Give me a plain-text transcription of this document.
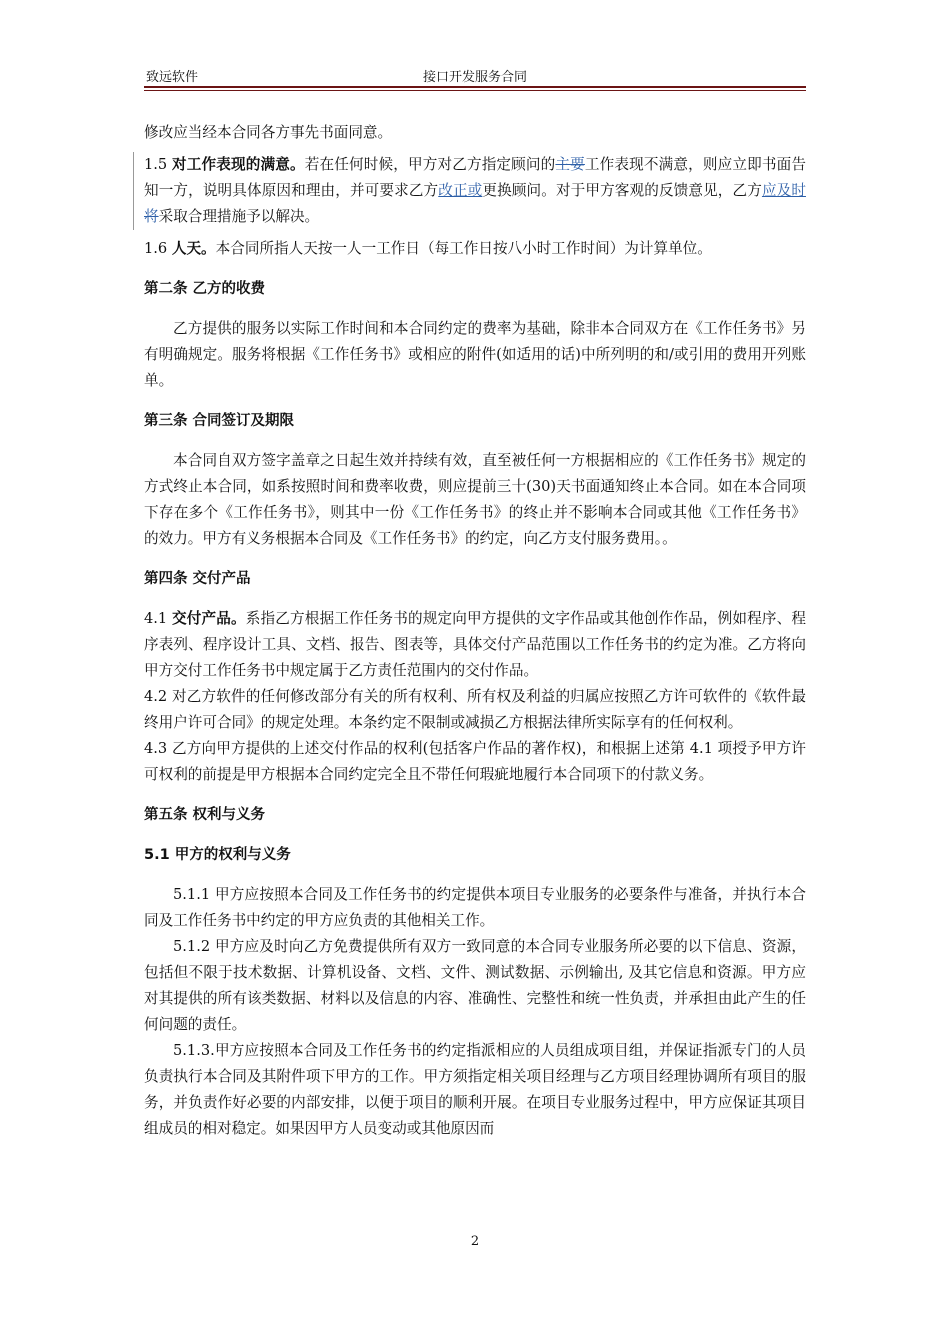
致远软件	接口开发服务合同

修改应当经本合同各方事先书面同意。

1.5 对工作表现的满意。若在任何时候，甲方对乙方指定顾问的主要工作表现不满意，则应立即书面告知一方，说明具体原因和理由，并可要求乙方改正或更换顾问。对于甲方客观的反馈意见，乙方应及时将采取合理措施予以解决。

1.6 人天。本合同所指人天按一人一工作日（每工作日按八小时工作时间）为计算单位。

第二条 乙方的收费

乙方提供的服务以实际工作时间和本合同约定的费率为基础，除非本合同双方在《工作任务书》另有明确规定。服务将根据《工作任务书》或相应的附件(如适用的话)中所列明的和/或引用的费用开列账单。

第三条 合同签订及期限

本合同自双方签字盖章之日起生效并持续有效，直至被任何一方根据相应的《工作任务书》规定的方式终止本合同，如系按照时间和费率收费，则应提前三十(30)天书面通知终止本合同。如在本合同项下存在多个《工作任务书》，则其中一份《工作任务书》的终止并不影响本合同或其他《工作任务书》的效力。甲方有义务根据本合同及《工作任务书》的约定，向乙方支付服务费用。。

第四条 交付产品

4.1 交付产品。系指乙方根据工作任务书的规定向甲方提供的文字作品或其他创作作品，例如程序、程序表列、程序设计工具、文档、报告、图表等，具体交付产品范围以工作任务书的约定为准。乙方将向甲方交付工作任务书中规定属于乙方责任范围内的交付作品。

4.2 对乙方软件的任何修改部分有关的所有权利、所有权及利益的归属应按照乙方许可软件的《软件最终用户许可合同》的规定处理。本条约定不限制或减损乙方根据法律所实际享有的任何权利。

4.3 乙方向甲方提供的上述交付作品的权利(包括客户作品的著作权)，和根据上述第 4.1 项授予甲方许可权利的前提是甲方根据本合同约定完全且不带任何瑕疵地履行本合同项下的付款义务。

第五条 权利与义务

5.1 甲方的权利与义务

5.1.1 甲方应按照本合同及工作任务书的约定提供本项目专业服务的必要条件与准备，并执行本合同及工作任务书中约定的甲方应负责的其他相关工作。

5.1.2 甲方应及时向乙方免费提供所有双方一致同意的本合同专业服务所必要的以下信息、资源，包括但不限于技术数据、计算机设备、文档、文件、测试数据、示例输出, 及其它信息和资源。甲方应对其提供的所有该类数据、材料以及信息的内容、准确性、完整性和统一性负责，并承担由此产生的任何问题的责任。

5.1.3.甲方应按照本合同及工作任务书的约定指派相应的人员组成项目组，并保证指派专门的人员负责执行本合同及其附件项下甲方的工作。甲方须指定相关项目经理与乙方项目经理协调所有项目的服务，并负责作好必要的内部安排，以便于项目的顺利开展。在项目专业服务过程中，甲方应保证其项目组成员的相对稳定。如果因甲方人员变动或其他原因而

2
